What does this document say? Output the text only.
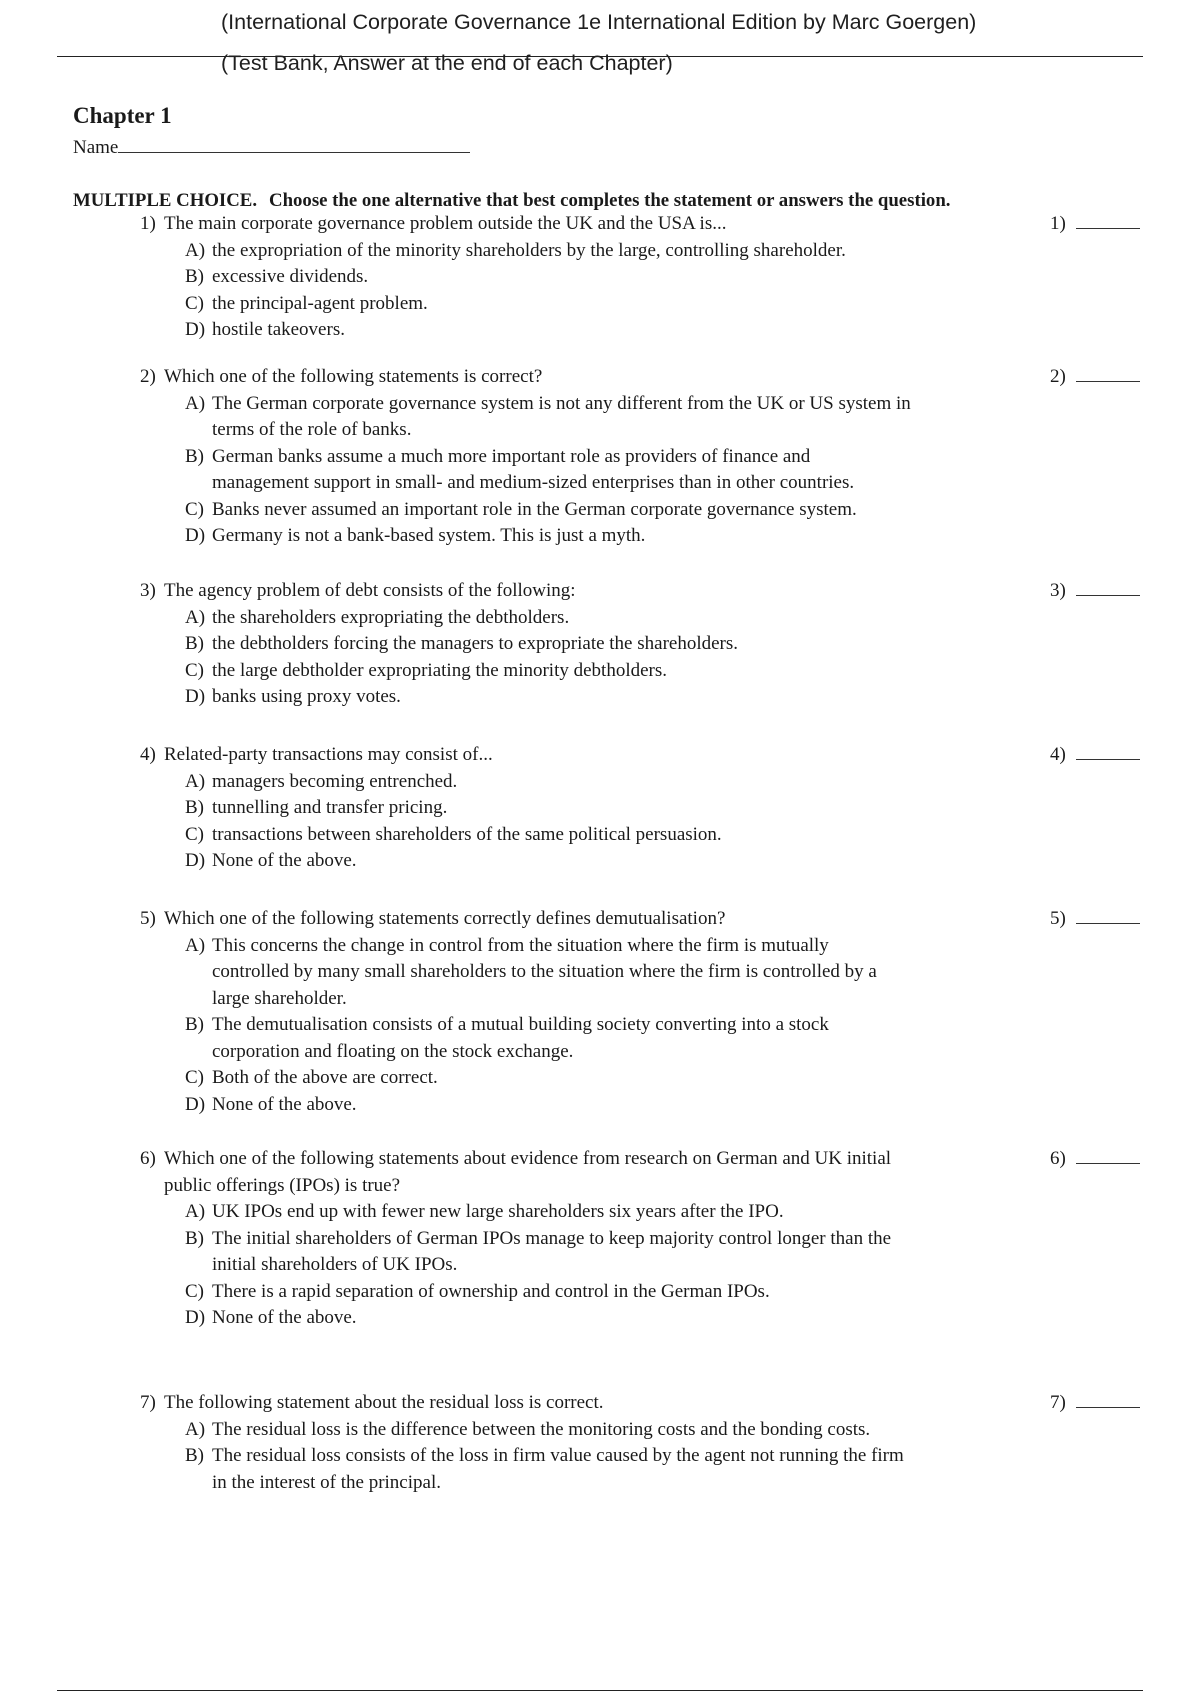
(International Corporate Governance 1e International Edition by Marc Goergen)
(Test Bank, Answer at the end of each Chapter)
Chapter 1
Name
MULTIPLE CHOICE. Choose the one alternative that best completes the statement or answers the question.
1) The main corporate governance problem outside the UK and the USA is...	1)
A) the expropriation of the minority shareholders by the large, controlling shareholder.
B) excessive dividends.
C) the principal-agent problem.
D) hostile takeovers.
2) Which one of the following statements is correct?	2)
A) The German corporate governance system is not any different from the UK or US system in
terms of the role of banks.
B) German banks assume a much more important role as providers of finance and
management support in small- and medium-sized enterprises than in other countries.
C) Banks never assumed an important role in the German corporate governance system.
D) Germany is not a bank-based system. This is just a myth.
3) The agency problem of debt consists of the following:	3)
A) the shareholders expropriating the debtholders.
B) the debtholders forcing the managers to expropriate the shareholders.
C) the large debtholder expropriating the minority debtholders.
D) banks using proxy votes.
4) Related-party transactions may consist of...	4)
A) managers becoming entrenched.
B) tunnelling and transfer pricing.
C) transactions between shareholders of the same political persuasion.
D) None of the above.
5) Which one of the following statements correctly defines demutualisation?	5)
A) This concerns the change in control from the situation where the firm is mutually
controlled by many small shareholders to the situation where the firm is controlled by a
large shareholder.
B) The demutualisation consists of a mutual building society converting into a stock
corporation and floating on the stock exchange.
C) Both of the above are correct.
D) None of the above.
6) Which one of the following statements about evidence from research on German and UK initial
public offerings (IPOs) is true?
6)
A) UK IPOs end up with fewer new large shareholders six years after the IPO.
B) The initial shareholders of German IPOs manage to keep majority control longer than the
initial shareholders of UK IPOs.
C) There is a rapid separation of ownership and control in the German IPOs.
D) None of the above.
7) The following statement about the residual loss is correct.	7)
A) The residual loss is the difference between the monitoring costs and the bonding costs.
B) The residual loss consists of the loss in firm value caused by the agent not running the firm
in the interest of the principal.
